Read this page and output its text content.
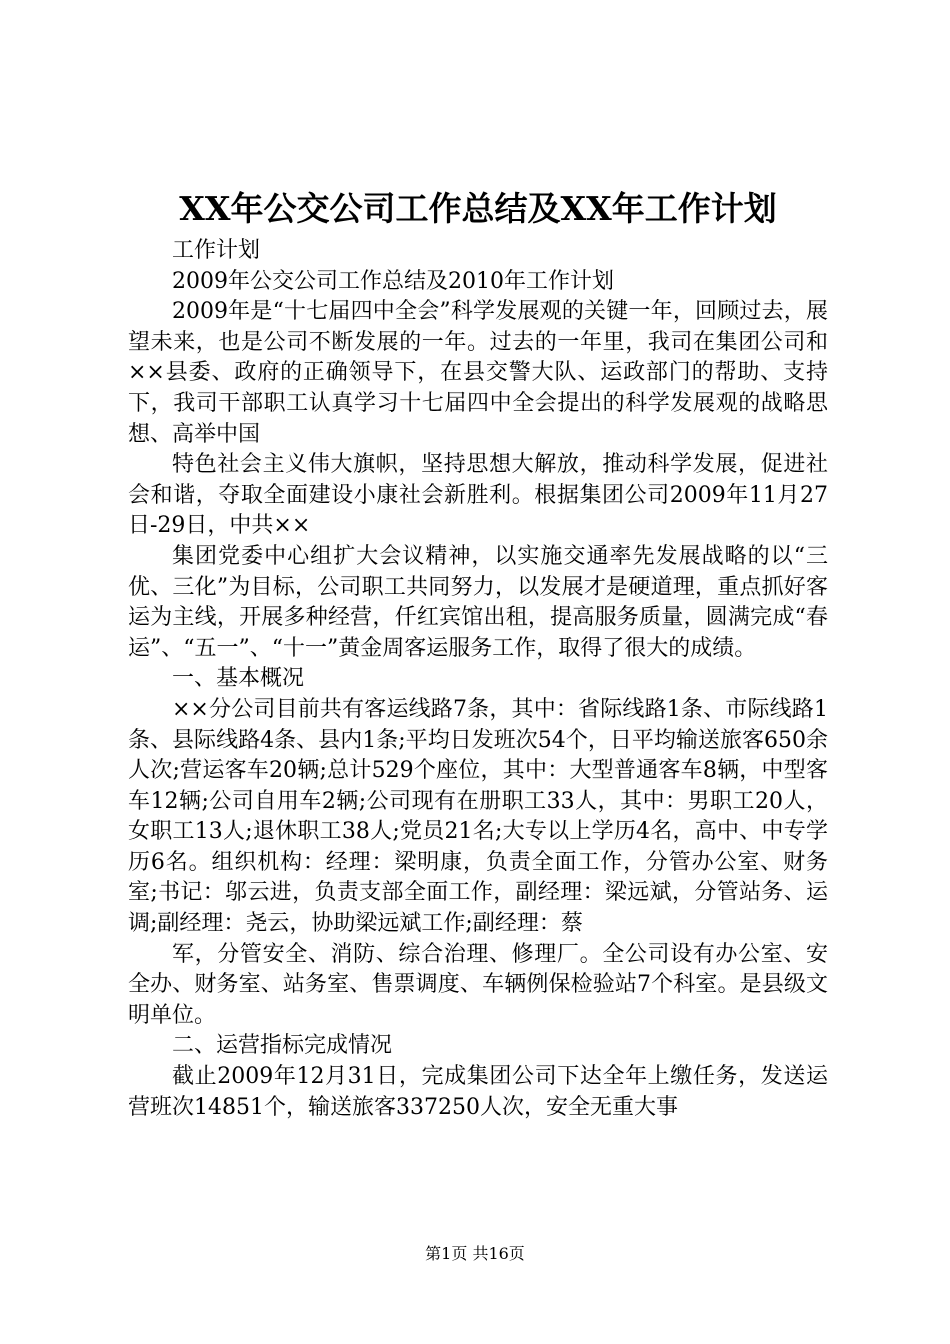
XX年公交公司工作总结及XX年工作计划

工作计划

2009年公交公司工作总结及2010年工作计划

2009年是“十七届四中全会”科学发展观的关键一年，回顾过去，展望未来，也是公司不断发展的一年。过去的一年里，我司在集团公司和××县委、政府的正确领导下，在县交警大队、运政部门的帮助、支持下，我司干部职工认真学习十七届四中全会提出的科学发展观的战略思想、高举中国

特色社会主义伟大旗帜，坚持思想大解放，推动科学发展，促进社会和谐，夺取全面建设小康社会新胜利。根据集团公司2009年11月27日-29日，中共××

集团党委中心组扩大会议精神，以实施交通率先发展战略的以“三优、三化”为目标，公司职工共同努力，以发展才是硬道理，重点抓好客运为主线，开展多种经营，仟红宾馆出租，提高服务质量，圆满完成“春运”、“五一”、“十一”黄金周客运服务工作，取得了很大的成绩。

一、基本概况

××分公司目前共有客运线路7条，其中：省际线路1条、市际线路1条、县际线路4条、县内1条;平均日发班次54个，日平均输送旅客650余人次;营运客车20辆;总计529个座位，其中：大型普通客车8辆，中型客车12辆;公司自用车2辆;公司现有在册职工33人，其中：男职工20人，女职工13人;退休职工38人;党员21名;大专以上学历4名，高中、中专学历6名。组织机构：经理：梁明康，负责全面工作，分管办公室、财务室;书记：邬云进，负责支部全面工作，副经理：梁远斌，分管站务、运调;副经理：尧云，协助梁远斌工作;副经理：蔡

军，分管安全、消防、综合治理、修理厂。全公司设有办公室、安全办、财务室、站务室、售票调度、车辆例保检验站7个科室。是县级文明单位。

二、运营指标完成情况

截止2009年12月31日，完成集团公司下达全年上缴任务，发送运营班次14851个，输送旅客337250人次，安全无重大事

第1页 共16页
